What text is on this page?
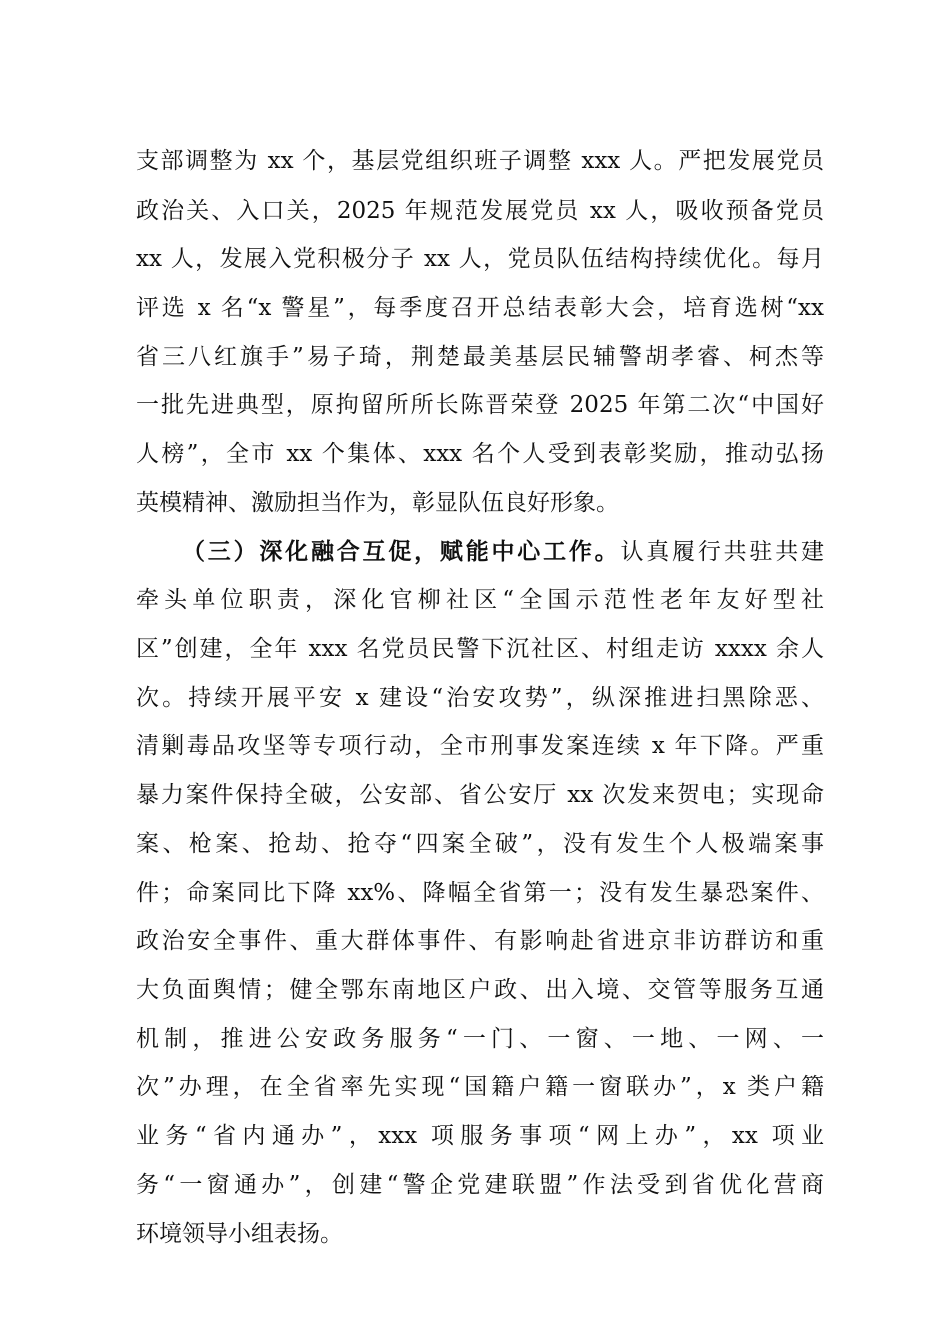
支部调整为 xx 个，基层党组织班子调整 xxx 人。严把发展党员

政治关、入口关，2025 年规范发展党员 xx 人，吸收预备党员

xx 人，发展入党积极分子 xx 人，党员队伍结构持续优化。每月

评选 x 名“x 警星”，每季度召开总结表彰大会，培育选树“xx

省三八红旗手”易子琦，荆楚最美基层民辅警胡孝睿、柯杰等

一批先进典型，原拘留所所长陈晋荣登 2025 年第二次“中国好

人榜”，全市 xx 个集体、xxx 名个人受到表彰奖励，推动弘扬

英模精神、激励担当作为，彰显队伍良好形象。

（三）深化融合互促，赋能中心工作。认真履行共驻共建

牵头单位职责，深化官柳社区“全国示范性老年友好型社

区”创建，全年 xxx 名党员民警下沉社区、村组走访 xxxx 余人

次。持续开展平安 x 建设“治安攻势”，纵深推进扫黑除恶、

清剿毒品攻坚等专项行动，全市刑事发案连续 x 年下降。严重

暴力案件保持全破，公安部、省公安厅 xx 次发来贺电；实现命

案、枪案、抢劫、抢夺“四案全破”，没有发生个人极端案事

件；命案同比下降 xx%、降幅全省第一；没有发生暴恐案件、

政治安全事件、重大群体事件、有影响赴省进京非访群访和重

大负面舆情；健全鄂东南地区户政、出入境、交管等服务互通

机制，推进公安政务服务“一门、一窗、一地、一网、一

次”办理，在全省率先实现“国籍户籍一窗联办”，x 类户籍

业务“省内通办”，xxx 项服务事项“网上办”，xx 项业

务“一窗通办”，创建“警企党建联盟”作法受到省优化营商

环境领导小组表扬。
